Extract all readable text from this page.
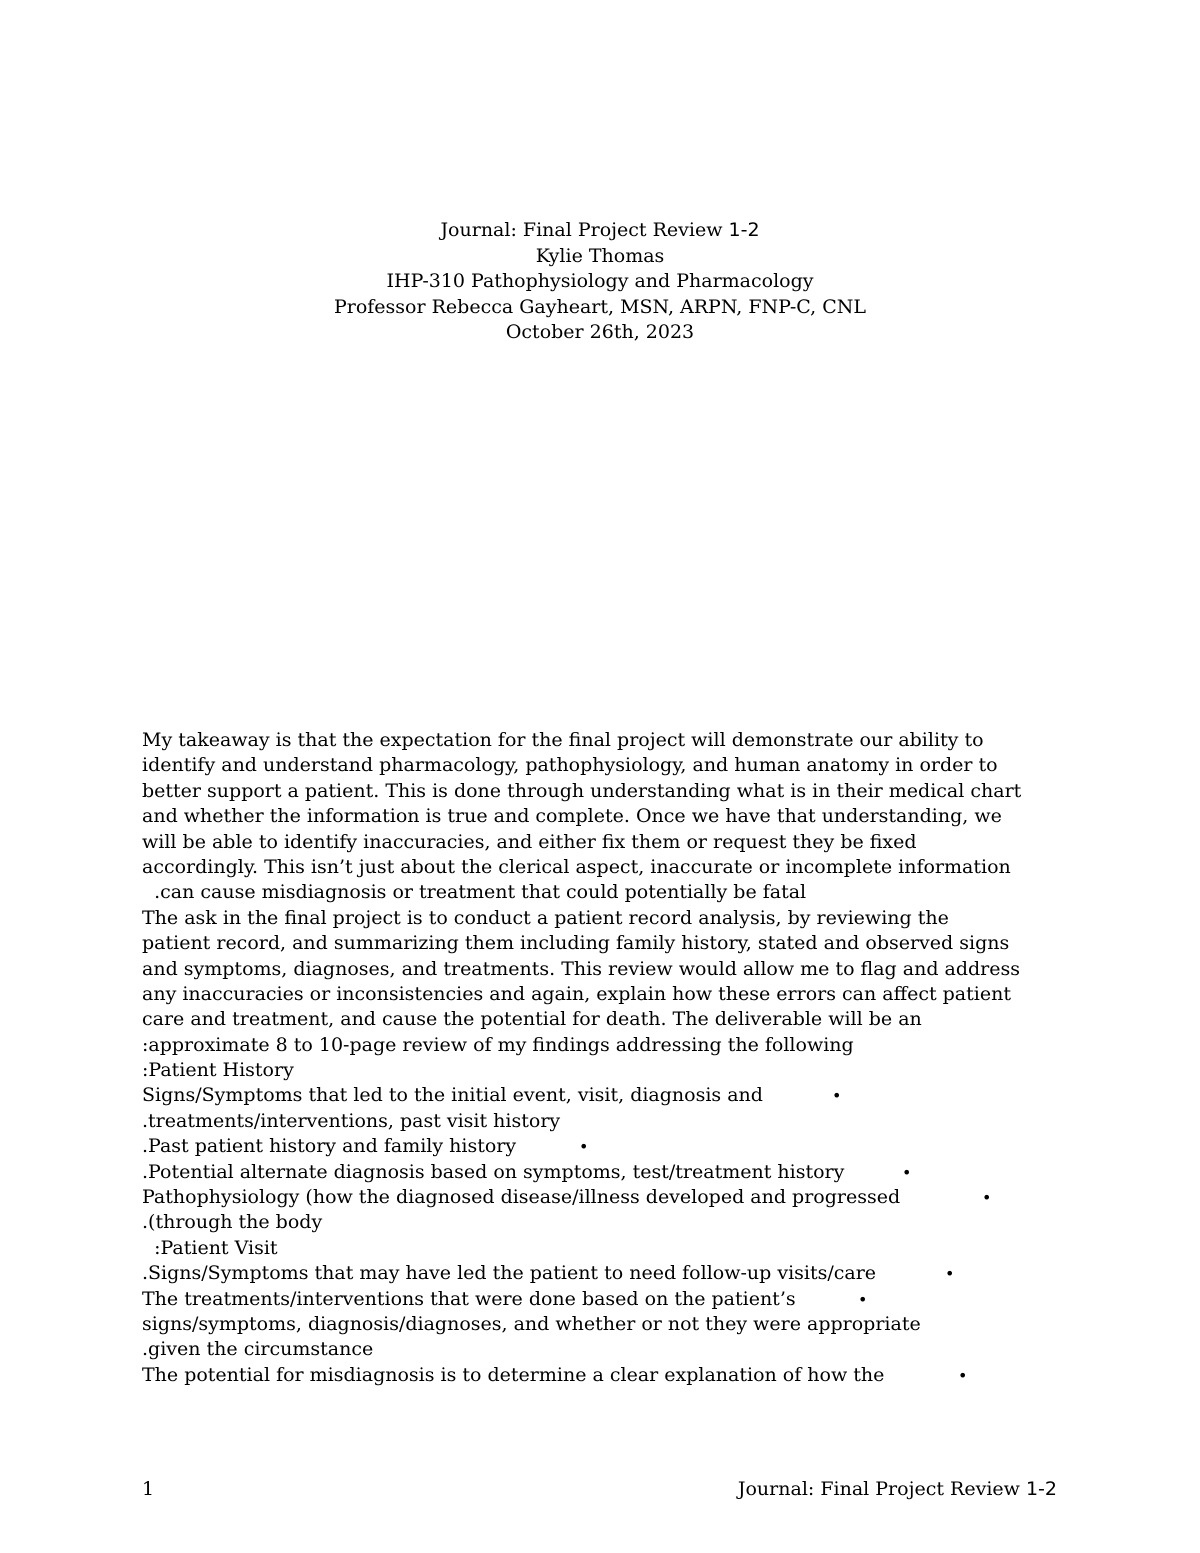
Journal: Final Project Review 1-2
Kylie Thomas
IHP-310 Pathophysiology and Pharmacology
Professor Rebecca Gayheart, MSN, ARPN, FNP-C, CNL
October 26th, 2023
My takeaway is that the expectation for the final project will demonstrate our ability to
identify and understand pharmacology, pathophysiology, and human anatomy in order to
better support a patient. This is done through understanding what is in their medical chart
and whether the information is true and complete. Once we have that understanding, we
will be able to identify inaccuracies, and either fix them or request they be fixed
accordingly. This isn’t just about the clerical aspect, inaccurate or incomplete information
.can cause misdiagnosis or treatment that could potentially be fatal
The ask in the final project is to conduct a patient record analysis, by reviewing the
patient record, and summarizing them including family history, stated and observed signs
and symptoms, diagnoses, and treatments. This review would allow me to flag and address
any inaccuracies or inconsistencies and again, explain how these errors can affect patient
care and treatment, and cause the potential for death. The deliverable will be an
:approximate 8 to 10-page review of my findings addressing the following
:Patient History
Signs/Symptoms that led to the initial event, visit, diagnosis and	•
.treatments/interventions, past visit history
.Past patient history and family history	•
.Potential alternate diagnosis based on symptoms, test/treatment history	•
Pathophysiology (how the diagnosed disease/illness developed and progressed	•
.(through the body
:Patient Visit
.Signs/Symptoms that may have led the patient to need follow-up visits/care	•
The treatments/interventions that were done based on the patient’s	•
signs/symptoms, diagnosis/diagnoses, and whether or not they were appropriate
.given the circumstance
The potential for misdiagnosis is to determine a clear explanation of how the	•
1	Journal: Final Project Review 1-2
